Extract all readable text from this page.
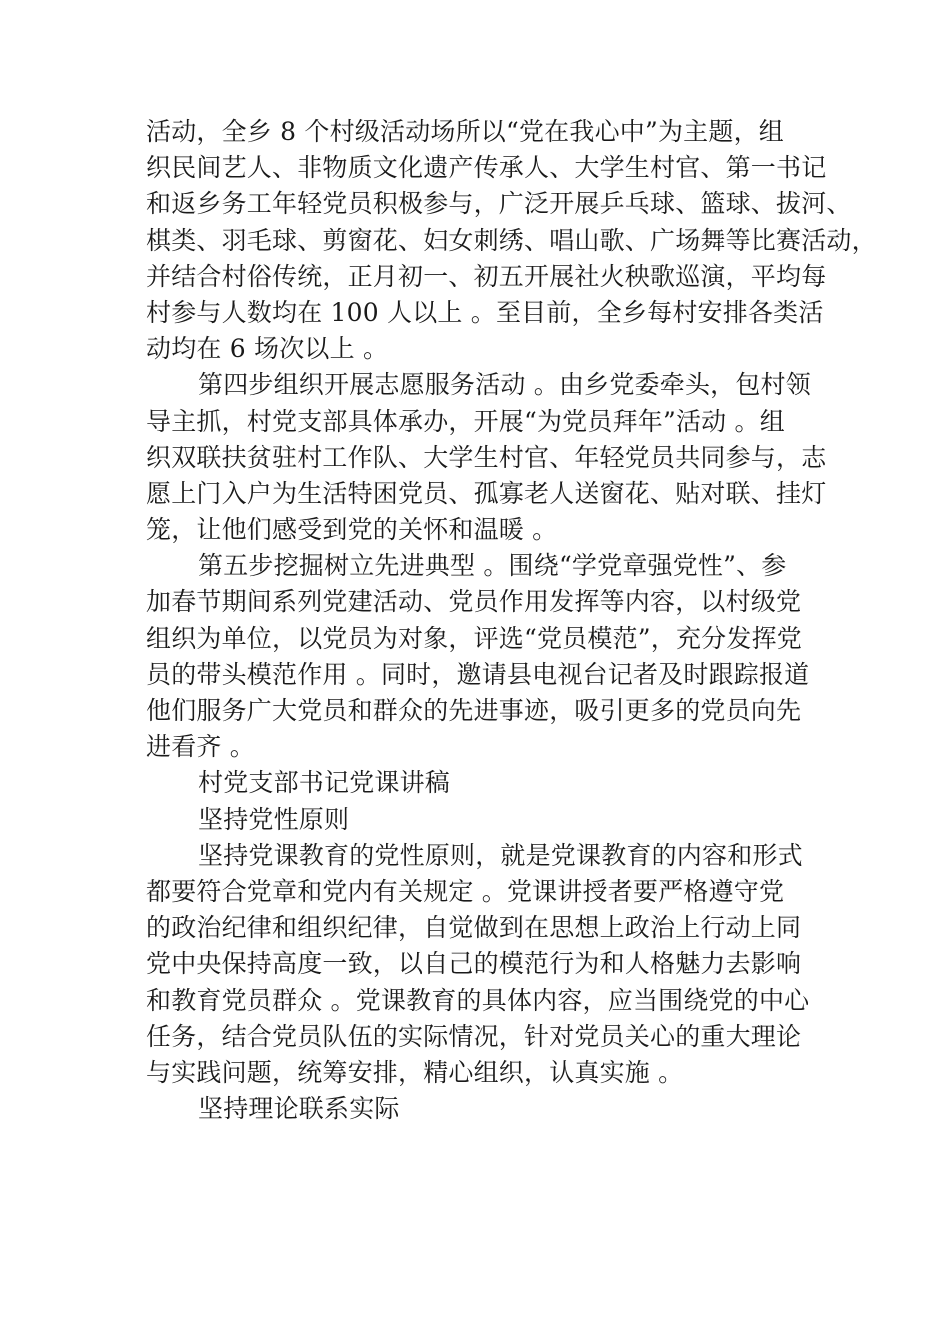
活动，全乡 8 个村级活动场所以“党在我心中”为主题，组
织民间艺人、非物质文化遗产传承人、大学生村官、第一书记
和返乡务工年轻党员积极参与，广泛开展乒乓球、篮球、拔河、
棋类、羽毛球、剪窗花、妇女刺绣、唱山歌、广场舞等比赛活动，
并结合村俗传统，正月初一、初五开展社火秧歌巡演，平均每
村参与人数均在 100 人以上 。至目前，全乡每村安排各类活
动均在 6 场次以上 。
第四步组织开展志愿服务活动 。由乡党委牵头，包村领
导主抓，村党支部具体承办，开展“为党员拜年”活动 。组
织双联扶贫驻村工作队、大学生村官、年轻党员共同参与，志
愿上门入户为生活特困党员、孤寡老人送窗花、贴对联、挂灯
笼，让他们感受到党的关怀和温暖 。
第五步挖掘树立先进典型 。围绕“学党章强党性”、参
加春节期间系列党建活动、党员作用发挥等内容，以村级党
组织为单位，以党员为对象，评选“党员模范”，充分发挥党
员的带头模范作用 。同时，邀请县电视台记者及时跟踪报道
他们服务广大党员和群众的先进事迹，吸引更多的党员向先
进看齐 。
村党支部书记党课讲稿
坚持党性原则
坚持党课教育的党性原则，就是党课教育的内容和形式
都要符合党章和党内有关规定 。党课讲授者要严格遵守党
的政治纪律和组织纪律，自觉做到在思想上政治上行动上同
党中央保持高度一致，以自己的模范行为和人格魅力去影响
和教育党员群众 。党课教育的具体内容，应当围绕党的中心
任务，结合党员队伍的实际情况，针对党员关心的重大理论
与实践问题，统筹安排，精心组织，认真实施 。
坚持理论联系实际
